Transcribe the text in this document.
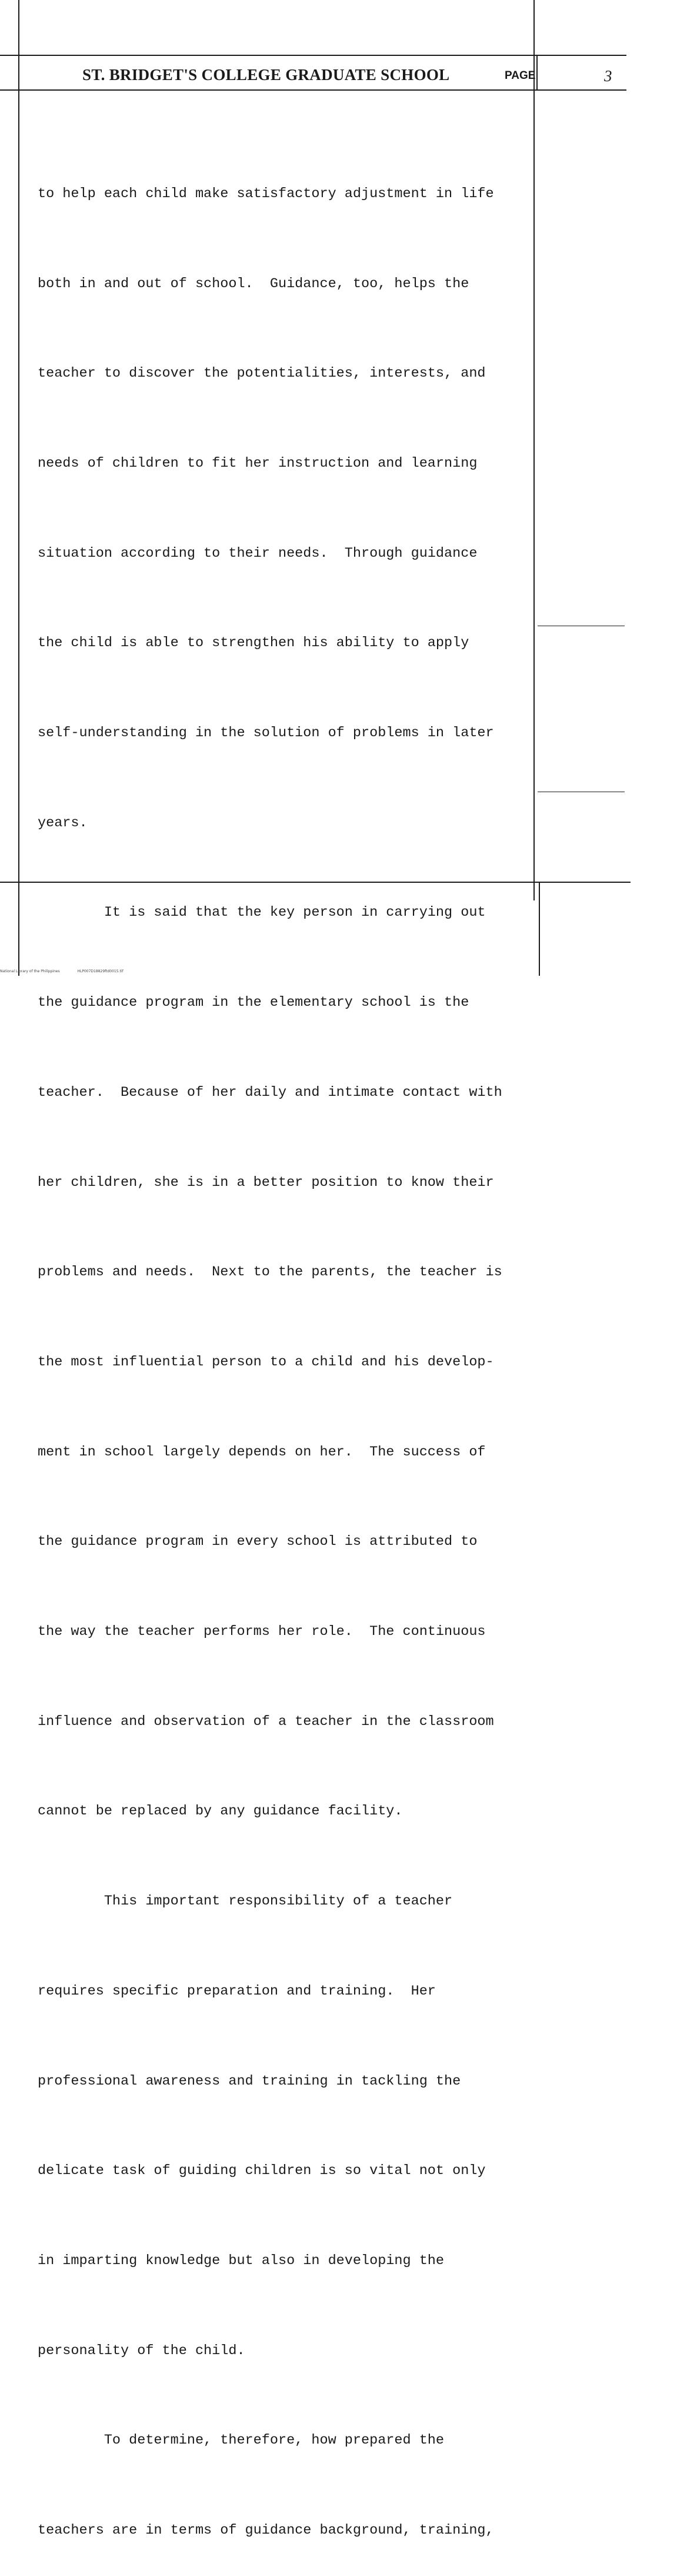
ST. BRIDGET'S COLLEGE GRADUATE SCHOOL	PAGE	3

to help each child make satisfactory adjustment in life

both in and out of school.  Guidance, too, helps the

teacher to discover the potentialities, interests, and

needs of children to fit her instruction and learning

situation according to their needs.  Through guidance

the child is able to strengthen his ability to apply

self-understanding in the solution of problems in later

years.

It is said that the key person in carrying out

the guidance program in the elementary school is the

teacher.  Because of her daily and intimate contact with

her children, she is in a better position to know their

problems and needs.  Next to the parents, the teacher is

the most influential person to a child and his develop-

ment in school largely depends on her.  The success of

the guidance program in every school is attributed to

the way the teacher performs her role.  The continuous

influence and observation of a teacher in the classroom

cannot be replaced by any guidance facility.

This important responsibility of a teacher

requires specific preparation and training.  Her

professional awareness and training in tackling the

delicate task of guiding children is so vital not only

in imparting knowledge but also in developing the

personality of the child.

To determine, therefore, how prepared the

teachers are in terms of guidance background, training,

National Library of the Philippines	HLP007D18829ftd0015.tif
